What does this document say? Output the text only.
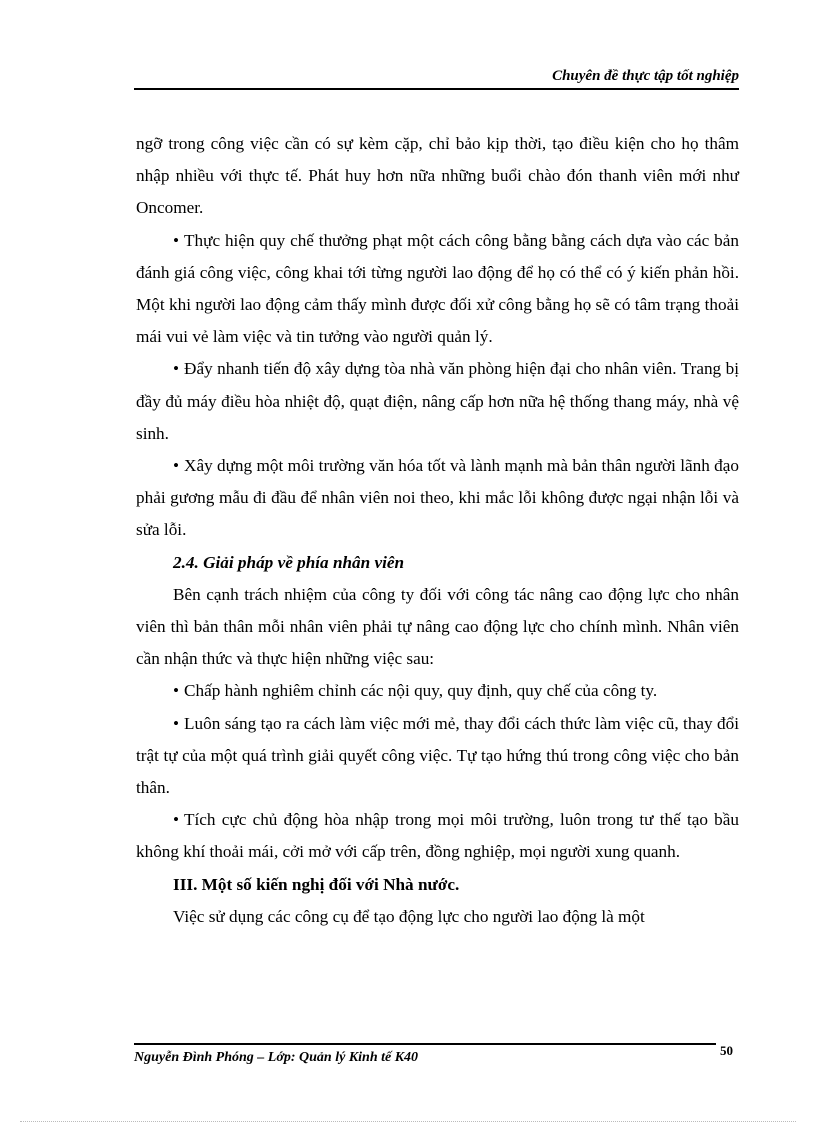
Chuyên đề thực tập tốt nghiệp

ngỡ trong công việc cần có sự kèm cặp, chỉ bảo kịp thời, tạo điều kiện cho họ thâm nhập nhiều với thực tế. Phát huy hơn nữa những buổi chào đón thanh viên mới như Oncomer.

• Thực hiện quy chế thưởng phạt một cách công bằng bằng cách dựa vào các bản đánh giá công việc, công khai tới từng người lao động để họ có thể có ý kiến phản hồi. Một khi người lao động cảm thấy mình được đối xử công bằng họ sẽ có tâm trạng thoải mái vui vẻ làm việc và tin tưởng vào người quản lý.

• Đẩy nhanh tiến độ xây dựng tòa nhà văn phòng hiện đại cho nhân viên. Trang bị đầy đủ máy điều hòa nhiệt độ, quạt điện, nâng cấp hơn nữa hệ thống thang máy, nhà vệ sinh.

• Xây dựng một môi trường văn hóa tốt và lành mạnh mà bản thân người lãnh đạo phải gương mẫu đi đầu để nhân viên noi theo, khi mắc lỗi không được ngại nhận lỗi và sửa lỗi.

2.4. Giải pháp về phía nhân viên

Bên cạnh trách nhiệm của công ty đối với công tác nâng cao động lực cho nhân viên thì bản thân mỗi nhân viên phải tự nâng cao động lực cho chính mình. Nhân viên cần nhận thức và thực hiện những việc sau:

• Chấp hành nghiêm chỉnh các nội quy, quy định, quy chế của công ty.

• Luôn sáng tạo ra cách làm việc mới mẻ, thay đổi cách thức làm việc cũ, thay đổi trật tự của một quá trình giải quyết công việc. Tự tạo hứng thú trong công việc cho bản thân.

• Tích cực chủ động hòa nhập trong mọi môi trường, luôn trong tư thế tạo bầu không khí thoải mái, cởi mở với cấp trên, đồng nghiệp, mọi người xung quanh.

III. Một số kiến nghị đối với Nhà nước.

Việc sử dụng các công cụ để tạo động lực cho người lao động là một

Nguyễn Đình Phóng – Lớp: Quản lý Kinh tế K40	50
